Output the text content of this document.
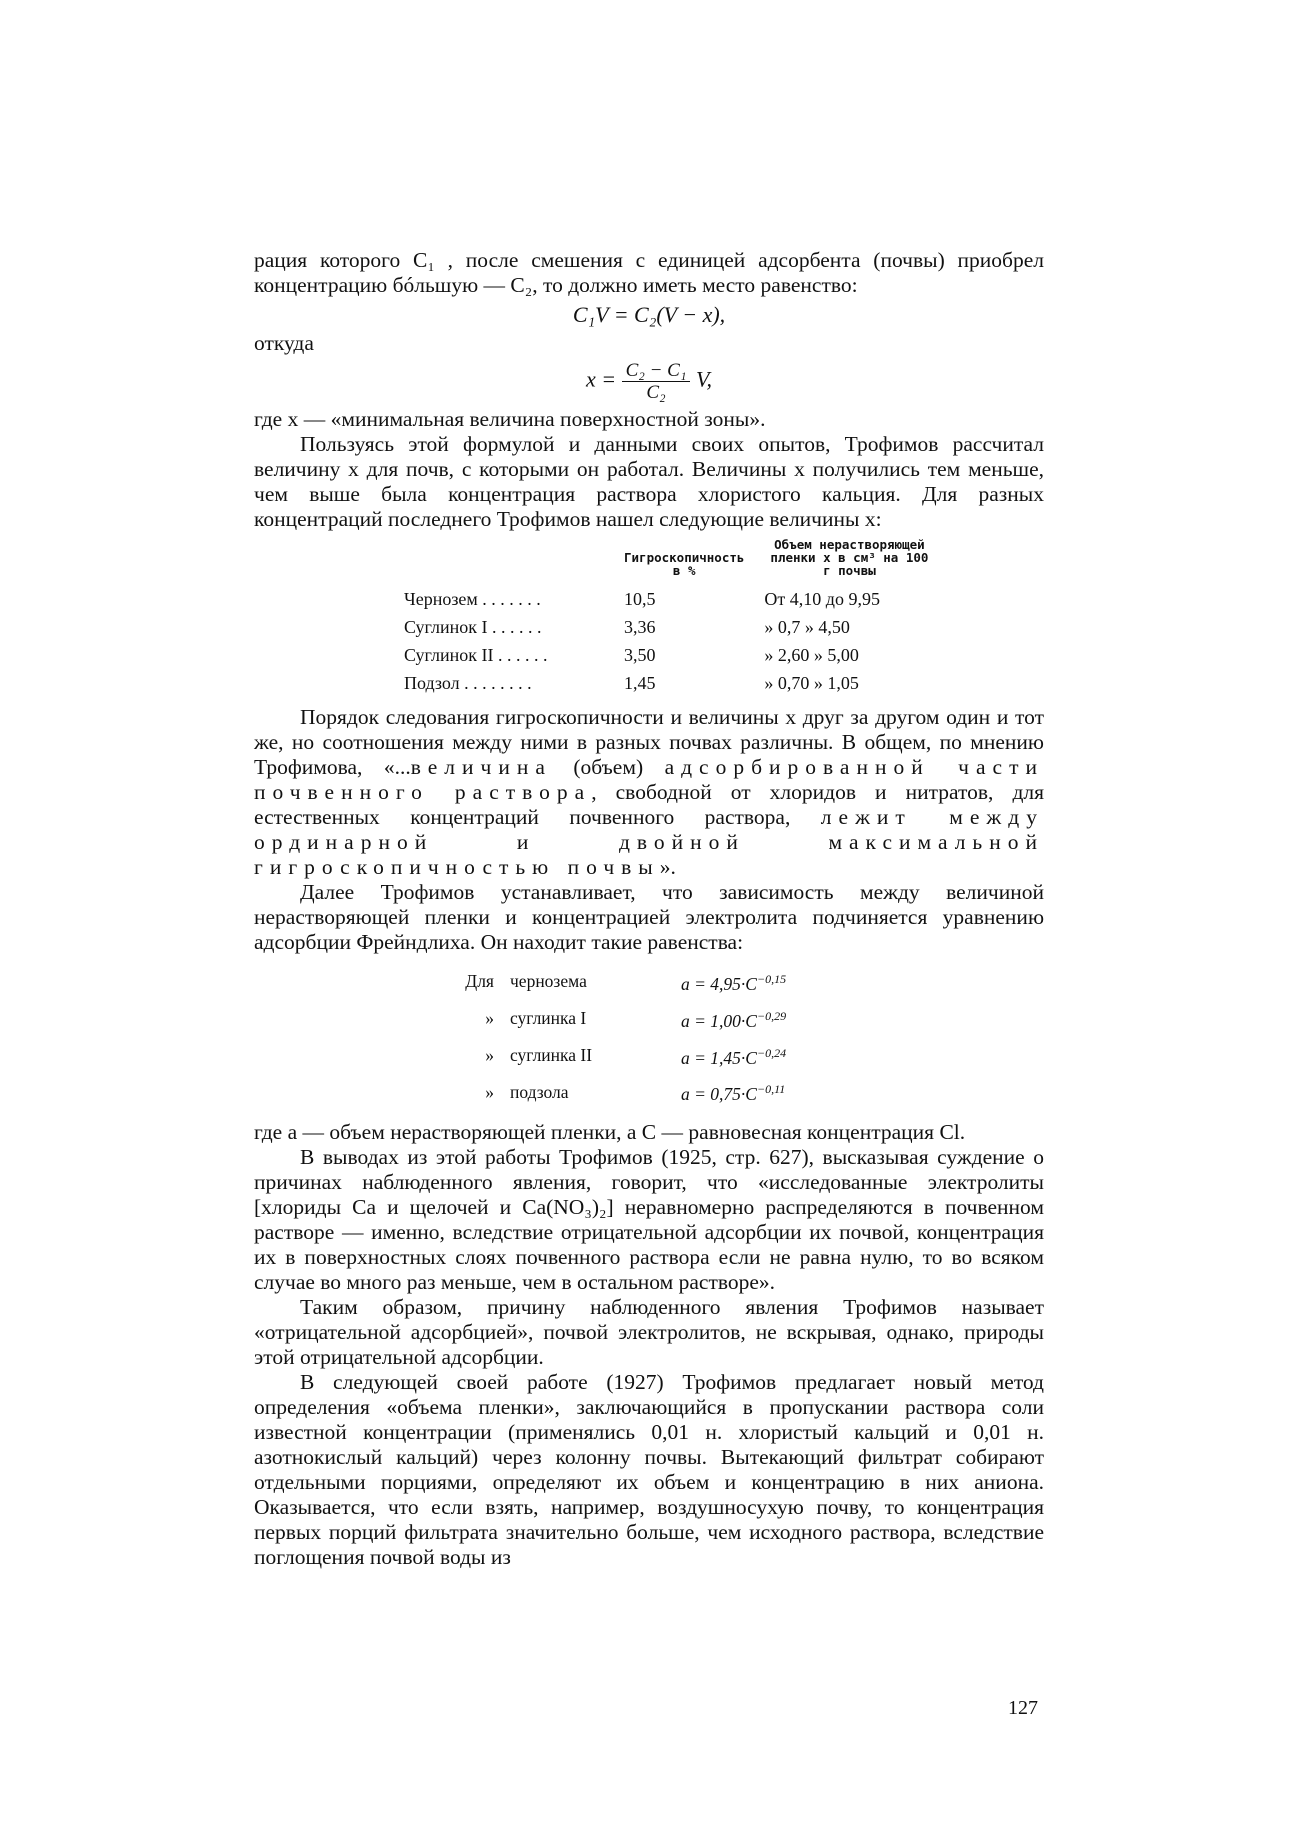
рация которого C₁ , после смешения с единицей адсорбента (почвы) приобрел концентрацию бóльшую — C₂, то должно иметь место равенство:

C₁V = C₂(V − x),

откуда

$x = \frac{\text{C₂ − C₁}}{\text{C₂}} V$,

где x — «минимальная величина поверхностной зоны».

Пользуясь этой формулой и данными своих опытов, Трофимов рассчитал величину x для почв, с которыми он работал. Величины x получились тем меньше, чем выше была концентрация раствора хлористого кальция. Для разных концентраций последнего Трофимов нашел следующие величины x:

	Гигроскопичность в %	Объем нерастворяющей пленки x в см³ на 100 г почвы
Чернозем . . . . . . .	10,5	От 4,10 до 9,95
Суглинок I . . . . . .	3,36	» 0,7 » 4,50
Суглинок II . . . . . .	3,50	» 2,60 » 5,00
Подзол . . . . . . . .	1,45	» 0,70 » 1,05

Порядок следования гигроскопичности и величины x друг за другом один и тот же, но соотношения между ними в разных почвах различны. В общем, по мнению Трофимова, «...величина (объем) адсорбированной части почвенного раствора, свободной от хлоридов и нитратов, для естественных концентраций почвенного раствора, лежит между ординарной и двойной максимальной гигроскопичностью почвы».

Далее Трофимов устанавливает, что зависимость между величиной нерастворяющей пленки и концентрацией электролита подчиняется уравнению адсорбции Фрейндлиха. Он находит такие равенства:

Для	чернозема	$a = 4,95\cdot C^{-0,15}$
»	суглинка I	$a = 1,00\cdot C^{-0,29}$
»	суглинка II	$a = 1,45\cdot C^{-0,24}$
»	подзола	$a = 0,75\cdot C^{-0,11}$

где a — объем нерастворяющей пленки, а C — равновесная концентрация Cl.

В выводах из этой работы Трофимов (1925, стр. 627), высказывая суждение о причинах наблюденного явления, говорит, что «исследованные электролиты [хлориды Ca и щелочей и Ca(NO₃)₂] неравномерно распределяются в почвенном растворе — именно, вследствие отрицательной адсорбции их почвой, концентрация их в поверхностных слоях почвенного раствора если не равна нулю, то во всяком случае во много раз меньше, чем в остальном растворе».

Таким образом, причину наблюденного явления Трофимов называет «отрицательной адсорбцией», почвой электролитов, не вскрывая, однако, природы этой отрицательной адсорбции.

В следующей своей работе (1927) Трофимов предлагает новый метод определения «объема пленки», заключающийся в пропускании раствора соли известной концентрации (применялись 0,01 н. хлористый кальций и 0,01 н. азотнокислый кальций) через колонну почвы. Вытекающий фильтрат собирают отдельными порциями, определяют их объем и концентрацию в них аниона. Оказывается, что если взять, например, воздушносухую почву, то концентрация первых порций фильтрата значительно больше, чем исходного раствора, вследствие поглощения почвой воды из

127
